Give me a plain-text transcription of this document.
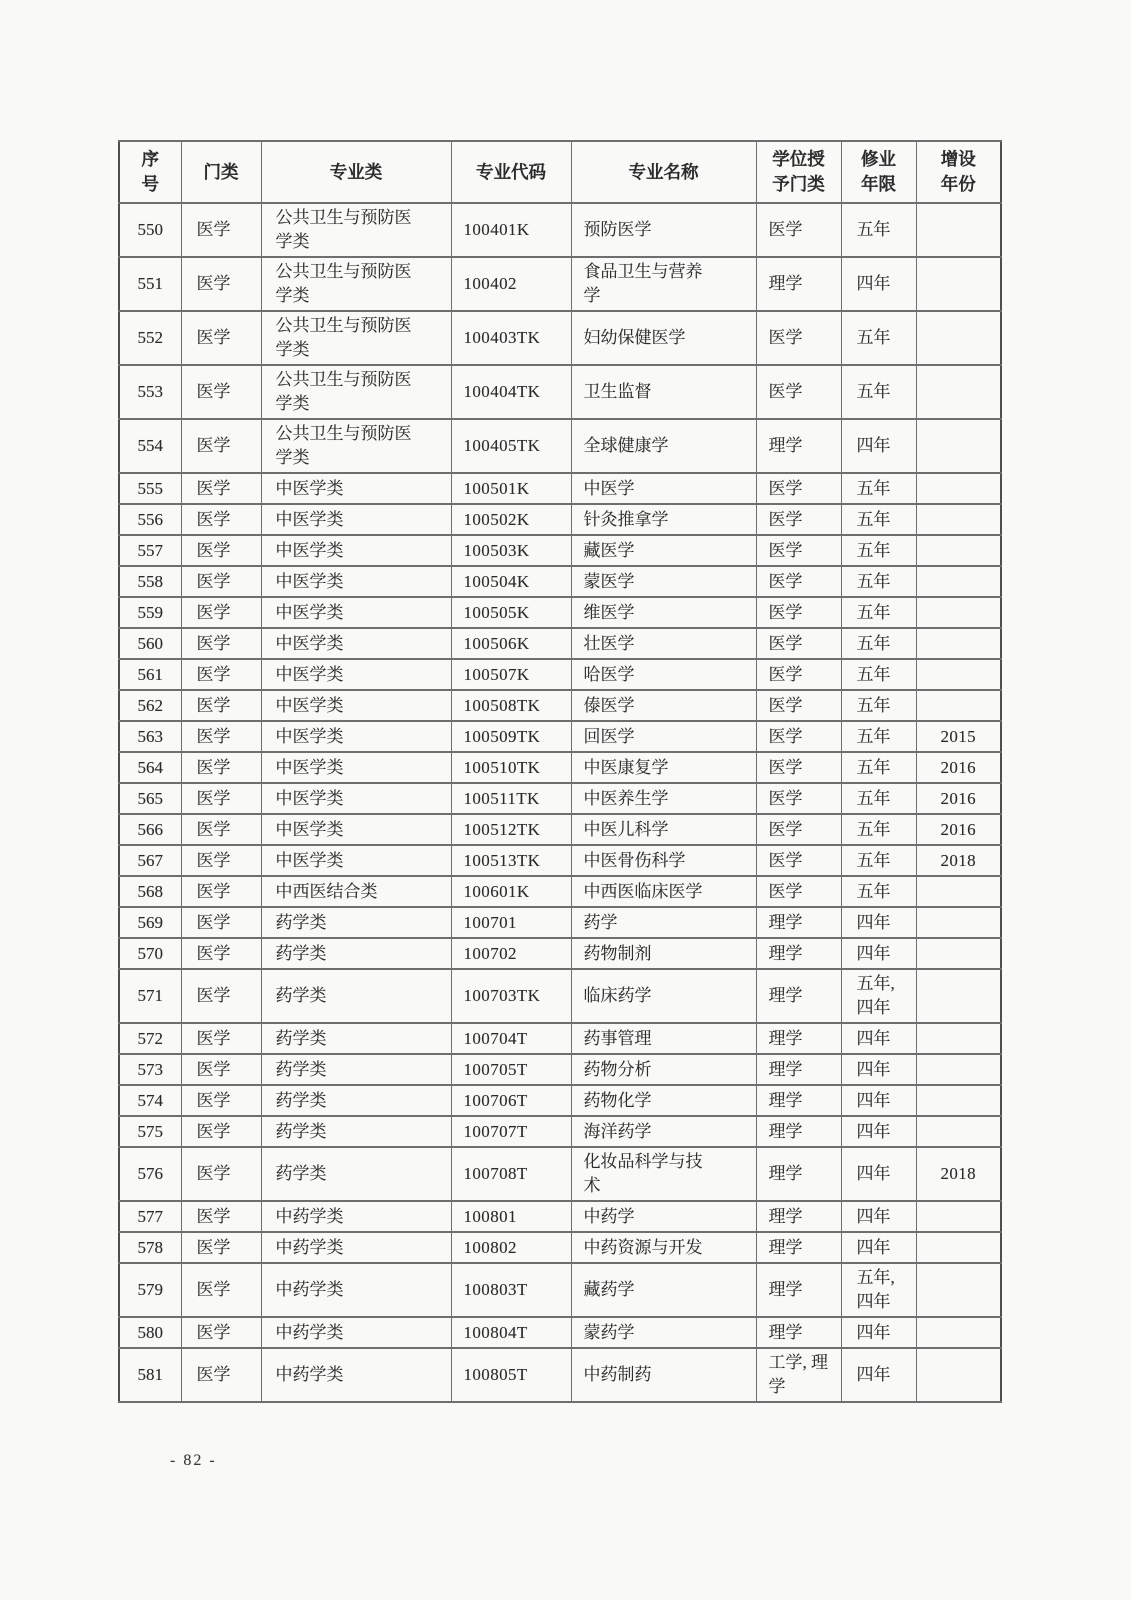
序号	门类	专业类	专业代码	专业名称	学位授予门类	修业年限	增设年份
550	医学	公共卫生与预防医学类	100401K	预防医学	医学	五年	
551	医学	公共卫生与预防医学类	100402	食品卫生与营养学	理学	四年	
552	医学	公共卫生与预防医学类	100403TK	妇幼保健医学	医学	五年	
553	医学	公共卫生与预防医学类	100404TK	卫生监督	医学	五年	
554	医学	公共卫生与预防医学类	100405TK	全球健康学	理学	四年	
555	医学	中医学类	100501K	中医学	医学	五年	
556	医学	中医学类	100502K	针灸推拿学	医学	五年	
557	医学	中医学类	100503K	藏医学	医学	五年	
558	医学	中医学类	100504K	蒙医学	医学	五年	
559	医学	中医学类	100505K	维医学	医学	五年	
560	医学	中医学类	100506K	壮医学	医学	五年	
561	医学	中医学类	100507K	哈医学	医学	五年	
562	医学	中医学类	100508TK	傣医学	医学	五年	
563	医学	中医学类	100509TK	回医学	医学	五年	2015
564	医学	中医学类	100510TK	中医康复学	医学	五年	2016
565	医学	中医学类	100511TK	中医养生学	医学	五年	2016
566	医学	中医学类	100512TK	中医儿科学	医学	五年	2016
567	医学	中医学类	100513TK	中医骨伤科学	医学	五年	2018
568	医学	中西医结合类	100601K	中西医临床医学	医学	五年	
569	医学	药学类	100701	药学	理学	四年	
570	医学	药学类	100702	药物制剂	理学	四年	
571	医学	药学类	100703TK	临床药学	理学	五年, 四年	
572	医学	药学类	100704T	药事管理	理学	四年	
573	医学	药学类	100705T	药物分析	理学	四年	
574	医学	药学类	100706T	药物化学	理学	四年	
575	医学	药学类	100707T	海洋药学	理学	四年	
576	医学	药学类	100708T	化妆品科学与技术	理学	四年	2018
577	医学	中药学类	100801	中药学	理学	四年	
578	医学	中药学类	100802	中药资源与开发	理学	四年	
579	医学	中药学类	100803T	藏药学	理学	五年, 四年	
580	医学	中药学类	100804T	蒙药学	理学	四年	
581	医学	中药学类	100805T	中药制药	工学, 理学	四年	
- 82 -
